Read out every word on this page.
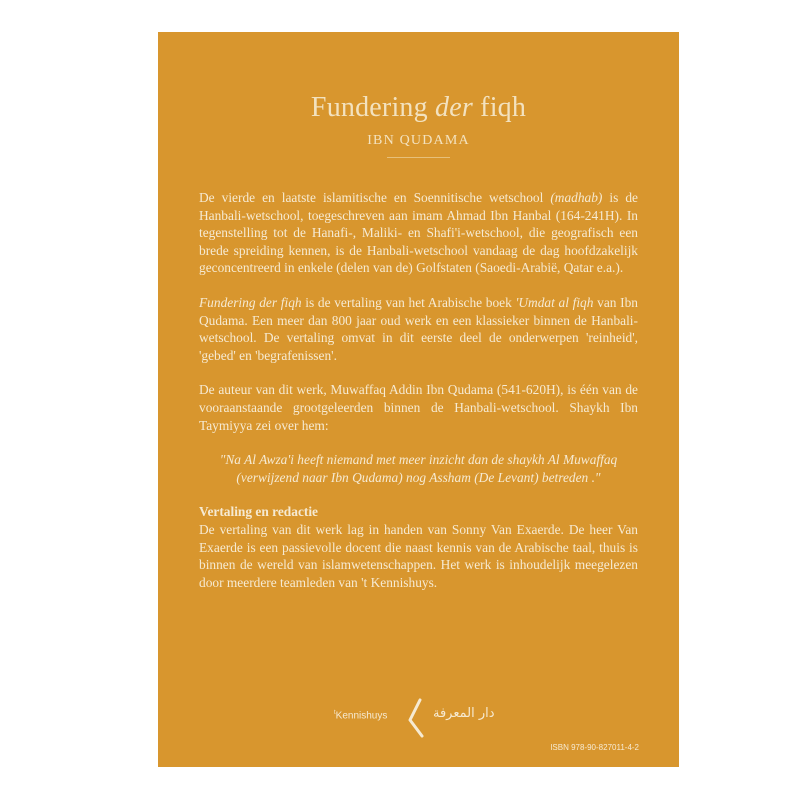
Fundering der fiqh
IBN QUDAMA

De vierde en laatste islamitische en Soennitische wetschool (madhab) is de Hanbali-wetschool, toegeschreven aan imam Ahmad Ibn Hanbal (164-241H). In tegenstelling tot de Hanafi-, Maliki- en Shafi'i-wetschool, die geografisch een brede spreiding kennen, is de Hanbali-wetschool vandaag de dag hoofdzakelijk geconcentreerd in enkele (delen van de) Golfstaten (Saoedi-Arabië, Qatar e.a.).

Fundering der fiqh is de vertaling van het Arabische boek 'Umdat al fiqh van Ibn Qudama. Een meer dan 800 jaar oud werk en een klassieker binnen de Hanbali-wetschool. De vertaling omvat in dit eerste deel de onderwerpen 'reinheid', 'gebed' en 'begrafenissen'.

De auteur van dit werk, Muwaffaq Addin Ibn Qudama (541-620H), is één van de vooraanstaande grootgeleerden binnen de Hanbali-wetschool. Shaykh Ibn Taymiyya zei over hem:

"Na Al Awza'i heeft niemand met meer inzicht dan de shaykh Al Muwaffaq (verwijzend naar Ibn Qudama) nog Assham (De Levant) betreden ."

Vertaling en redactie

De vertaling van dit werk lag in handen van Sonny Van Exaerde. De heer Van Exaerde is een passievolle docent die naast kennis van de Arabische taal, thuis is binnen de wereld van islamwetenschappen. Het werk is inhoudelijk meegelezen door meerdere teamleden van 't Kennishuys.

$^t$Kennishuys	دار المعرفة
ISBN 978-90-827011-4-2
